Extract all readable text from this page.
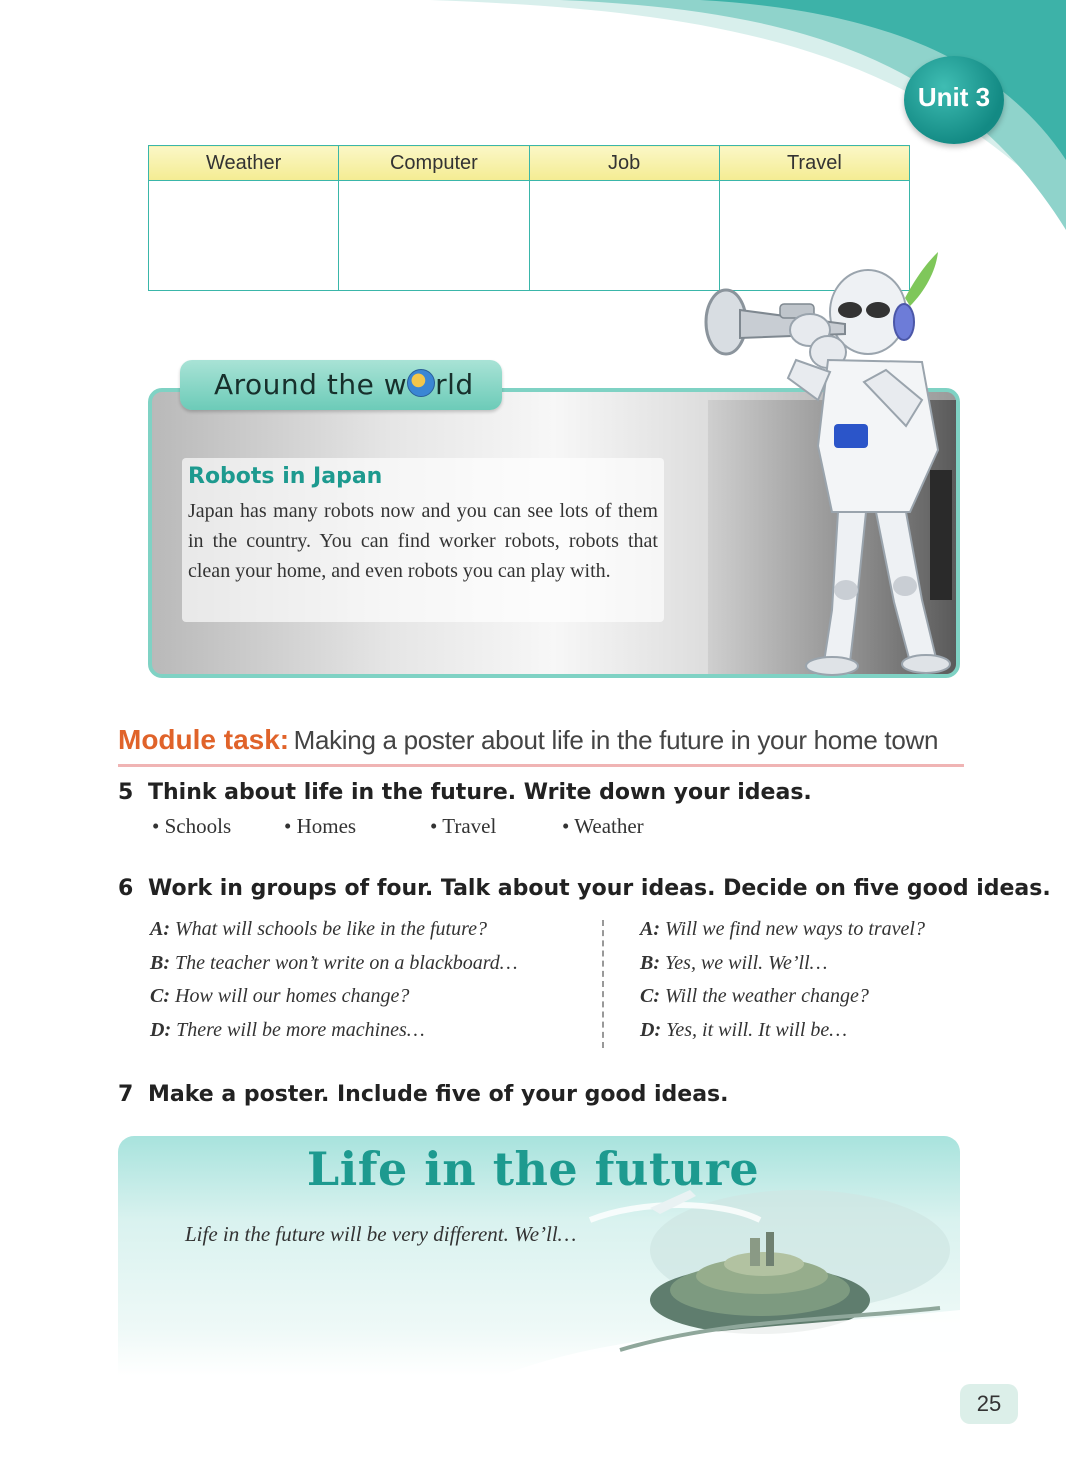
Unit 3
Weather	Computer	Job	Travel

Around the w rld
Robots in Japan
Japan has many robots now and you can see lots of them in the country. You can find worker robots, robots that clean your home, and even robots you can play with.
Module task: Making a poster about life in the future in your home town
5 Think about life in the future. Write down your ideas.
• Schools	• Homes	• Travel	• Weather
6 Work in groups of four. Talk about your ideas. Decide on five good ideas.
A: What will schools be like in the future?
B: The teacher won’t write on a blackboard…
C: How will our homes change?
D: There will be more machines…
A: Will we find new ways to travel?
B: Yes, we will. We’ll…
C: Will the weather change?
D: Yes, it will. It will be…
7 Make a poster. Include five of your good ideas.
Life in the future
Life in the future will be very different. We’ll…
25
